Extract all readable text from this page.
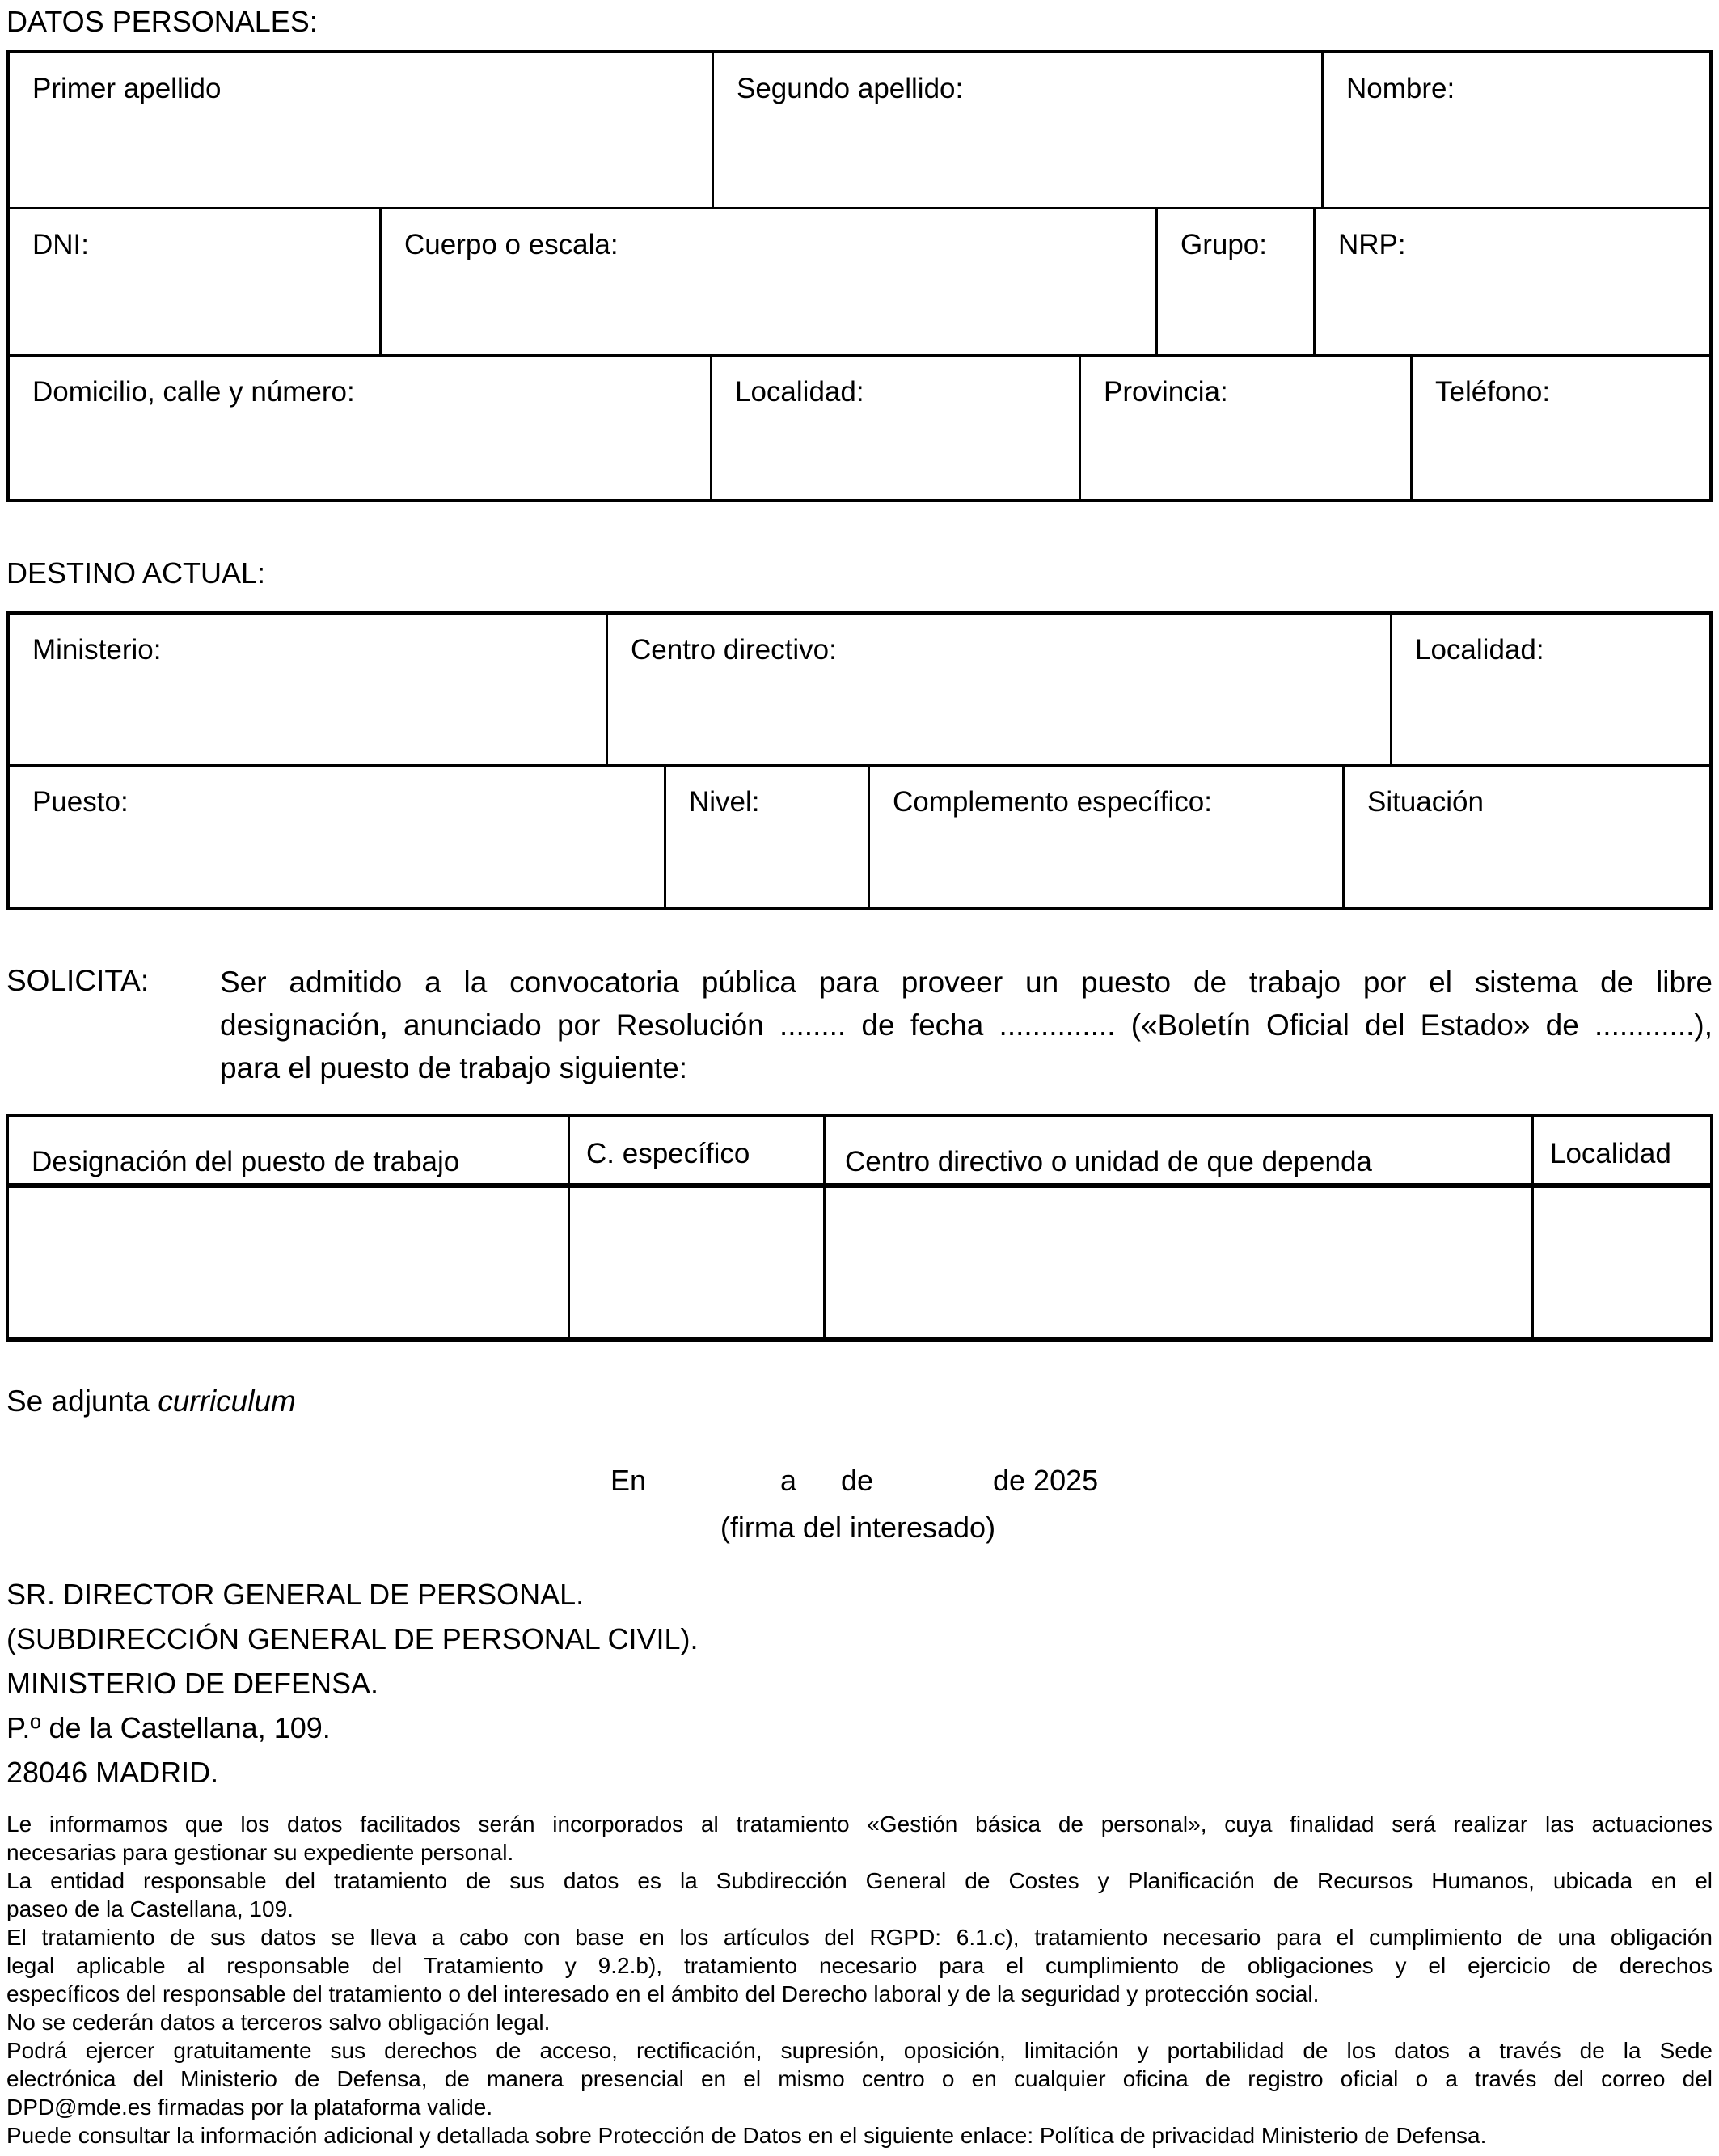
DATOS PERSONALES:
Primer apellido	Segundo apellido:	Nombre:
DNI:	Cuerpo o escala:	Grupo:	NRP:
Domicilio, calle y número:	Localidad:	Provincia:	Teléfono:
DESTINO ACTUAL:
Ministerio:	Centro directivo:	Localidad:
Puesto:	Nivel:	Complemento específico:	Situación
SOLICITA: Ser admitido a la convocatoria pública para proveer un puesto de trabajo por el sistema de libre
designación, anunciado por Resolución ........ de fecha .............. («Boletín Oficial del Estado» de ............),
para el puesto de trabajo siguiente:
Designación del puesto de trabajo	C. específico	Centro directivo o unidad de que dependa	Localidad
Se adjunta curriculum
En	a de	de 2025
(firma del interesado)
SR. DIRECTOR GENERAL DE PERSONAL.
(SUBDIRECCIÓN GENERAL DE PERSONAL CIVIL).
MINISTERIO DE DEFENSA.
P.º de la Castellana, 109.
28046 MADRID.
Le informamos que los datos facilitados serán incorporados al tratamiento «Gestión básica de personal», cuya finalidad será realizar las actuaciones
necesarias para gestionar su expediente personal.
La entidad responsable del tratamiento de sus datos es la Subdirección General de Costes y Planificación de Recursos Humanos, ubicada en el
paseo de la Castellana, 109.
El tratamiento de sus datos se lleva a cabo con base en los artículos del RGPD: 6.1.c), tratamiento necesario para el cumplimiento de una obligación
legal aplicable al responsable del Tratamiento y 9.2.b), tratamiento necesario para el cumplimiento de obligaciones y el ejercicio de derechos
específicos del responsable del tratamiento o del interesado en el ámbito del Derecho laboral y de la seguridad y protección social.
No se cederán datos a terceros salvo obligación legal.
Podrá ejercer gratuitamente sus derechos de acceso, rectificación, supresión, oposición, limitación y portabilidad de los datos a través de la Sede
electrónica del Ministerio de Defensa, de manera presencial en el mismo centro o en cualquier oficina de registro oficial o a través del correo del
DPD@mde.es firmadas por la plataforma valide.
Puede consultar la información adicional y detallada sobre Protección de Datos en el siguiente enlace: Política de privacidad Ministerio de Defensa.
